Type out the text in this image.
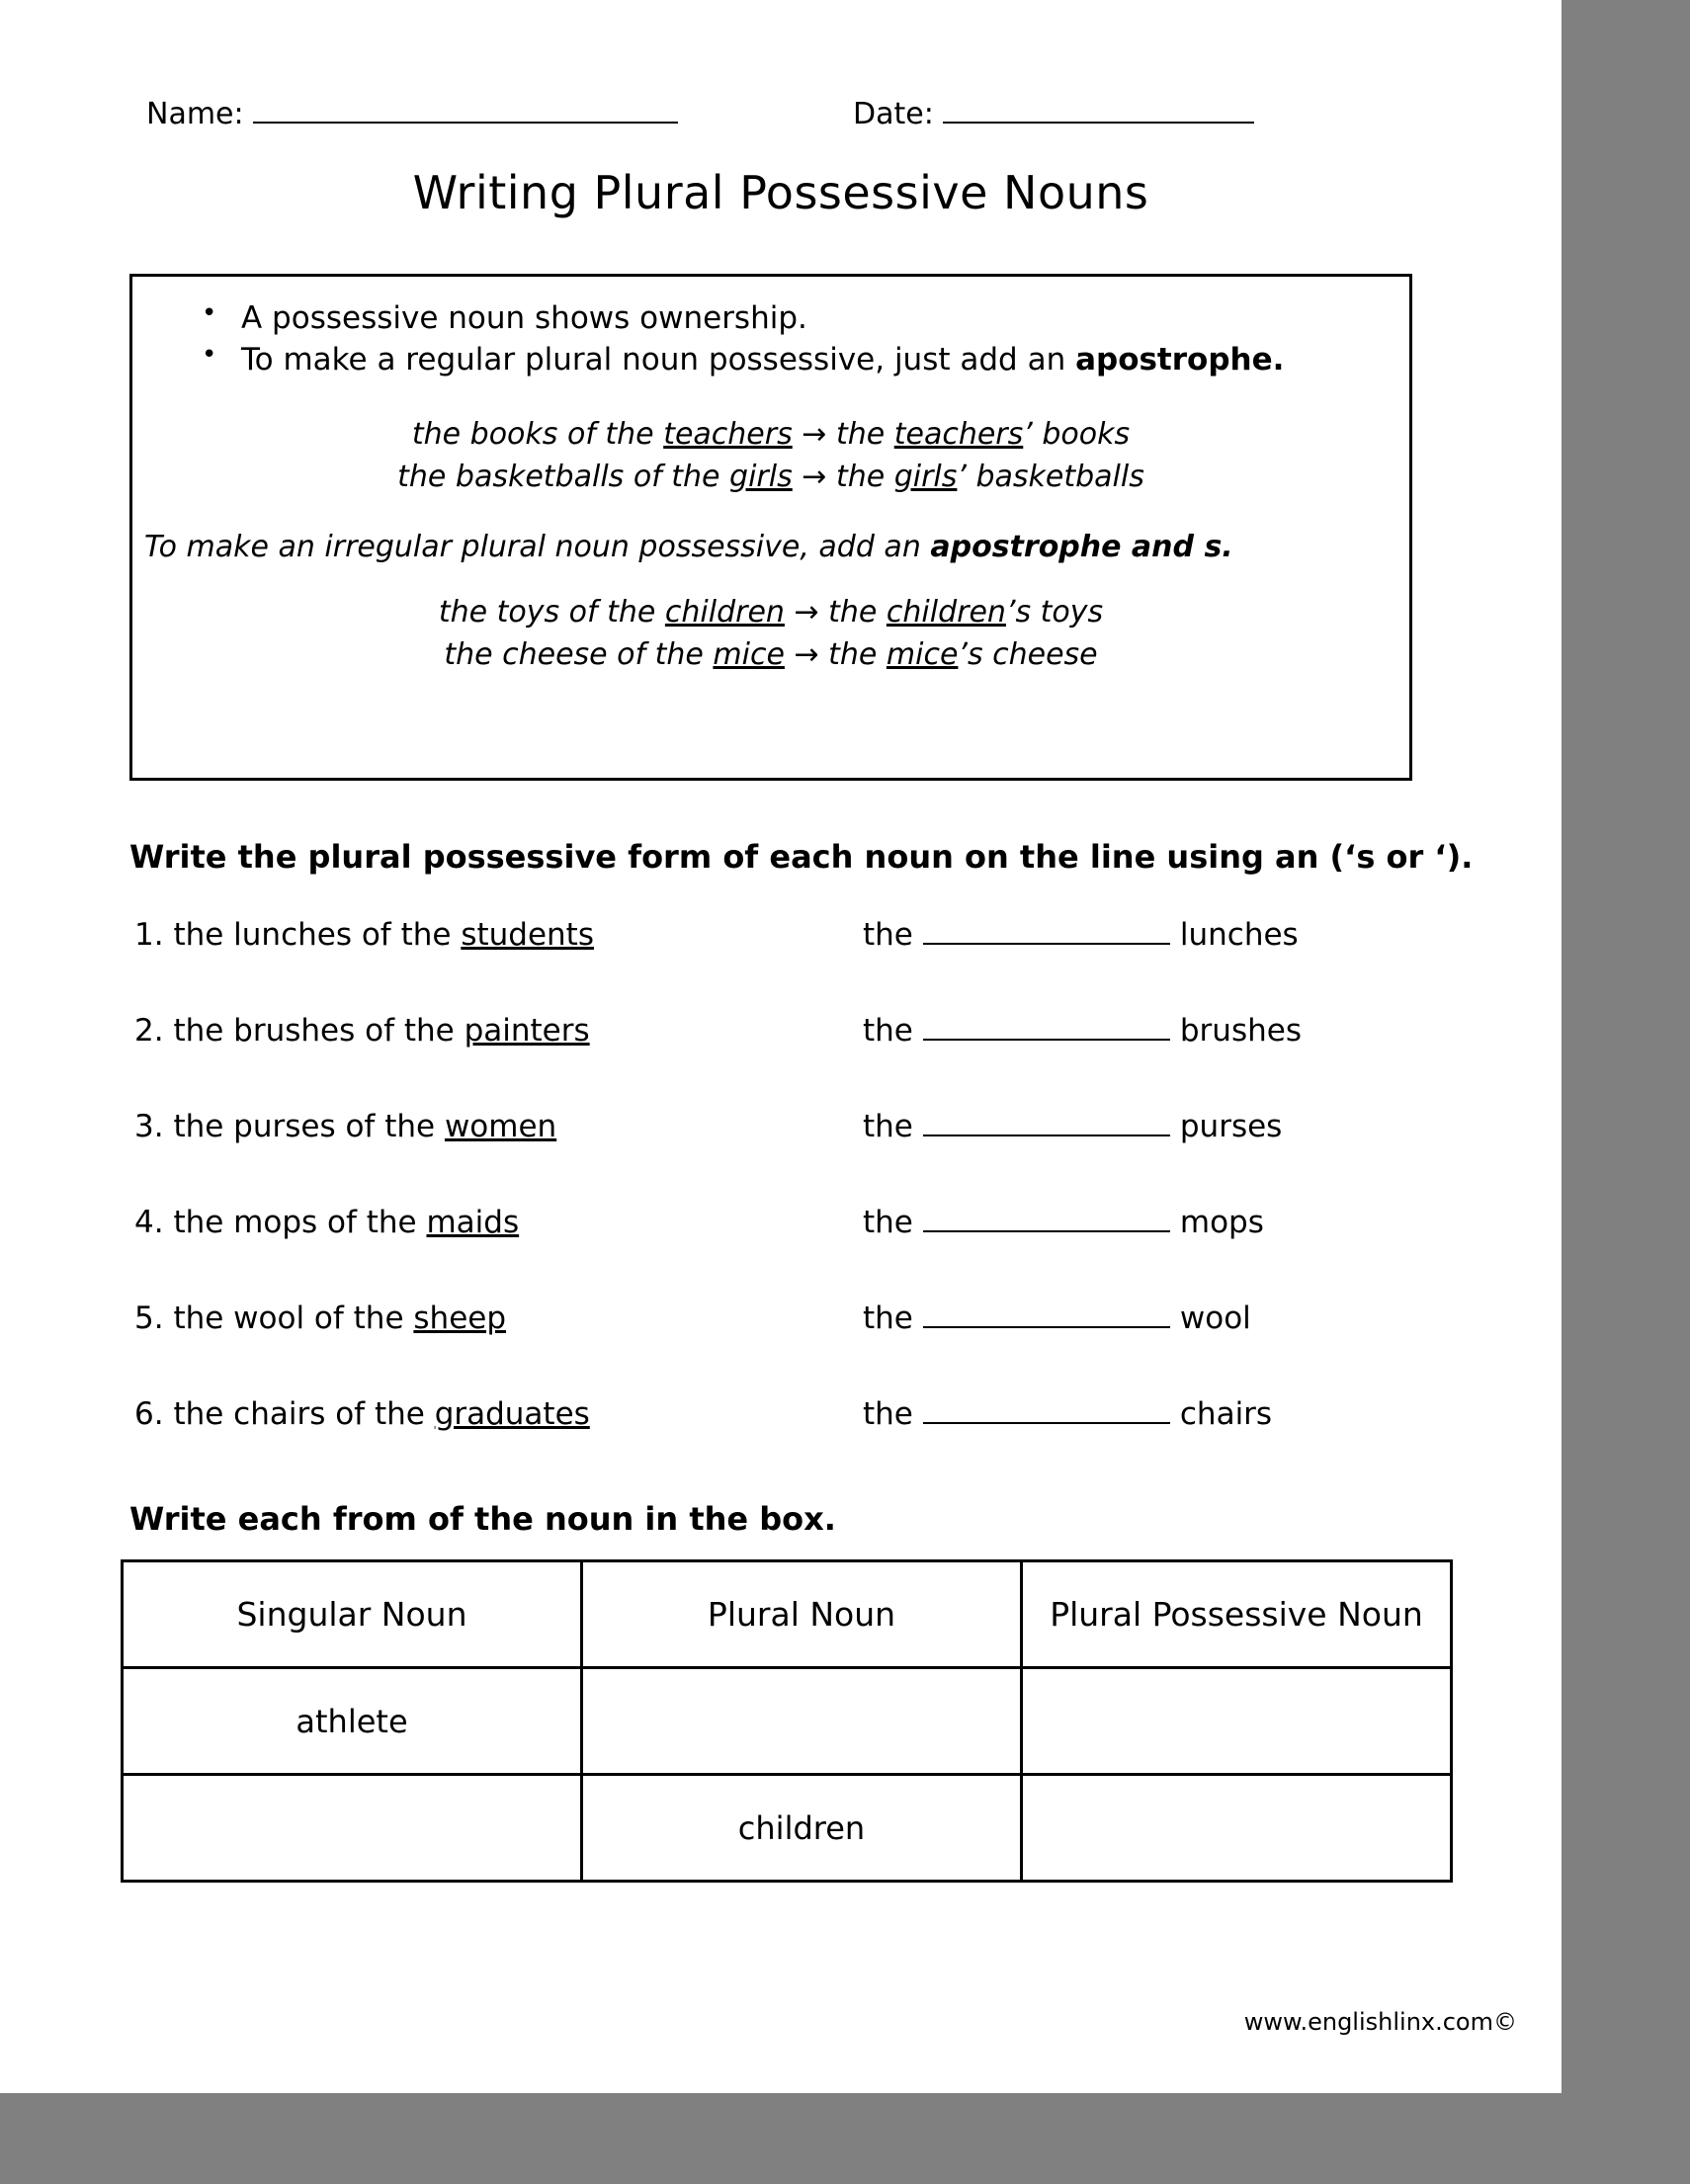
Name:	Date:
Writing Plural Possessive Nouns
• A possessive noun shows ownership.
• To make a regular plural noun possessive, just add an apostrophe.
the books of the teachers → the teachers’ books
the basketballs of the girls → the girls’ basketballs
To make an irregular plural noun possessive, add an apostrophe and s.
the toys of the children → the children’s toys
the cheese of the mice → the mice’s cheese
Write the plural possessive form of each noun on the line using an (‘s or ‘).
1. the lunches of the students	the	lunches
2. the brushes of the painters	the	brushes
3. the purses of the women	the	purses
4. the mops of the maids	the	mops
5. the wool of the sheep	the	wool
6. the chairs of the graduates	the	chairs
Write each from of the noun in the box.
Singular Noun	Plural Noun	Plural Possessive Noun
athlete		
	children	
www.englishlinx.com©
